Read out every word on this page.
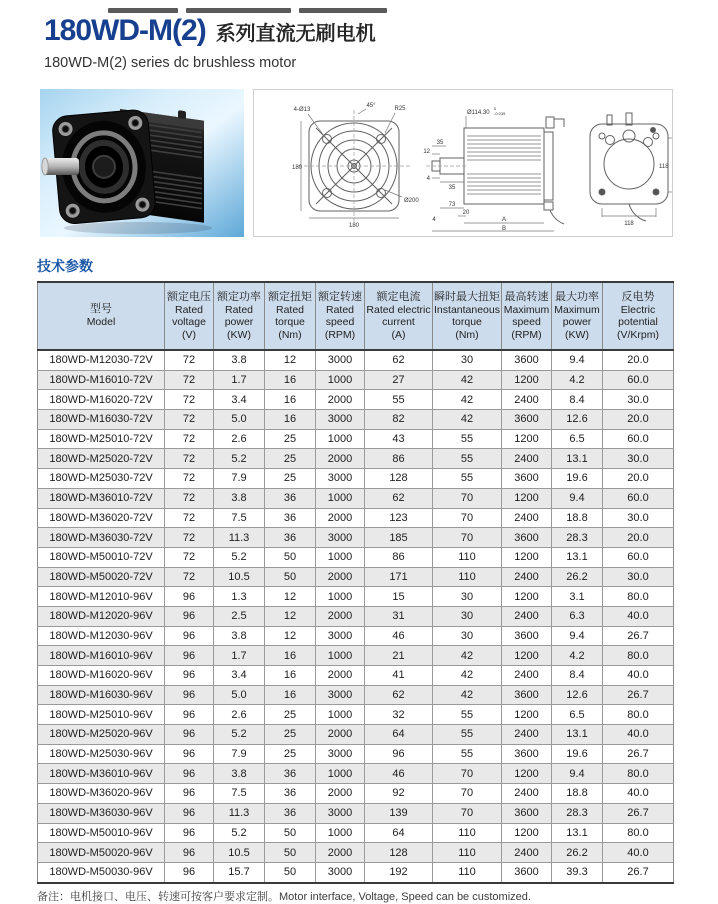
180WD-M(2) 系列直流无刷电机
180WD-M(2) series dc brushless motor
4-Ø13
45°	R25
180
180
Ø200
Ø114.30
0
-0.035
35
12
4
35
73
4
20
A
B
118
118
技术参数
型号
Model

额定电压
Rated voltage
(V)

额定功率
Rated power
(KW)

额定扭矩
Rated torque
(Nm)

额定转速
Rated speed
(RPM)

额定电流
Rated electric current
(A)

瞬时最大扭矩
Instantaneous torque
(Nm)

最高转速
Maximum speed
(RPM)

最大功率
Maximum power
(KW)

反电势
Electric potential
(V/Krpm)

180WD-M12030-72V	72	3.8	12	3000	62	30	3600	9.4	20.0
180WD-M16010-72V	72	1.7	16	1000	27	42	1200	4.2	60.0
180WD-M16020-72V	72	3.4	16	2000	55	42	2400	8.4	30.0
180WD-M16030-72V	72	5.0	16	3000	82	42	3600	12.6	20.0
180WD-M25010-72V	72	2.6	25	1000	43	55	1200	6.5	60.0
180WD-M25020-72V	72	5.2	25	2000	86	55	2400	13.1	30.0
180WD-M25030-72V	72	7.9	25	3000	128	55	3600	19.6	20.0
180WD-M36010-72V	72	3.8	36	1000	62	70	1200	9.4	60.0
180WD-M36020-72V	72	7.5	36	2000	123	70	2400	18.8	30.0
180WD-M36030-72V	72	11.3	36	3000	185	70	3600	28.3	20.0
180WD-M50010-72V	72	5.2	50	1000	86	110	1200	13.1	60.0
180WD-M50020-72V	72	10.5	50	2000	171	110	2400	26.2	30.0
180WD-M12010-96V	96	1.3	12	1000	15	30	1200	3.1	80.0
180WD-M12020-96V	96	2.5	12	2000	31	30	2400	6.3	40.0
180WD-M12030-96V	96	3.8	12	3000	46	30	3600	9.4	26.7
180WD-M16010-96V	96	1.7	16	1000	21	42	1200	4.2	80.0
180WD-M16020-96V	96	3.4	16	2000	41	42	2400	8.4	40.0
180WD-M16030-96V	96	5.0	16	3000	62	42	3600	12.6	26.7
180WD-M25010-96V	96	2.6	25	1000	32	55	1200	6.5	80.0
180WD-M25020-96V	96	5.2	25	2000	64	55	2400	13.1	40.0
180WD-M25030-96V	96	7.9	25	3000	96	55	3600	19.6	26.7
180WD-M36010-96V	96	3.8	36	1000	46	70	1200	9.4	80.0
180WD-M36020-96V	96	7.5	36	2000	92	70	2400	18.8	40.0
180WD-M36030-96V	96	11.3	36	3000	139	70	3600	28.3	26.7
180WD-M50010-96V	96	5.2	50	1000	64	110	1200	13.1	80.0
180WD-M50020-96V	96	10.5	50	2000	128	110	2400	26.2	40.0
180WD-M50030-96V	96	15.7	50	3000	192	110	3600	39.3	26.7
备注：电机接口、电压、转速可按客户要求定制。Motor interface, Voltage, Speed can be customized.
